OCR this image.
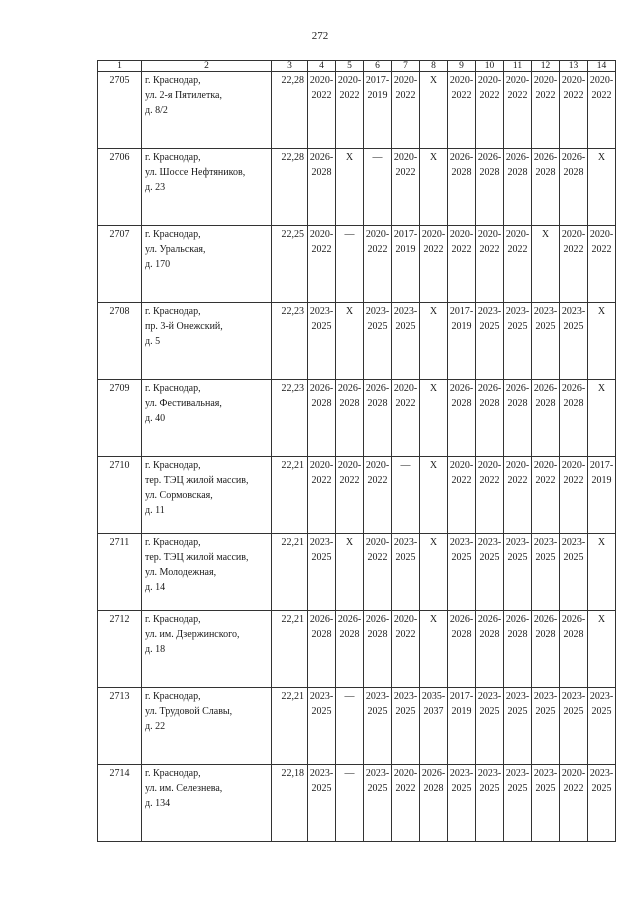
272
1	2	3	4	5	6	7	8	9	10	11	12	13	14
2705	г. Краснодар,
ул. 2-я Пятилетка,
д. 8/2	22,28	2020-
2022	2020-
2022	2017-
2019	2020-
2022	X	2020-
2022	2020-
2022	2020-
2022	2020-
2022	2020-
2022	2020-
2022

2706	г. Краснодар,
ул. Шоссе Нефтяников,
д. 23	22,28	2026-
2028	X	—	2020-
2022	X	2026-
2028	2026-
2028	2026-
2028	2026-
2028	2026-
2028	X
2707	г. Краснодар,
ул. Уральская,
д. 170	22,25	2020-
2022	—	2020-
2022	2017-
2019	2020-
2022	2020-
2022	2020-
2022	2020-
2022	X	2020-
2022	2020-
2022

2708	г. Краснодар,
пр. 3-й Онежский,
д. 5	22,23	2023-
2025	X	2023-
2025	2023-
2025	X	2017-
2019	2023-
2025	2023-
2025	2023-
2025	2023-
2025	X
2709	г. Краснодар,
ул. Фестивальная,
д. 40	22,23	2026-
2028	2026-
2028	2026-
2028	2020-
2022	X	2026-
2028	2026-
2028	2026-
2028	2026-
2028	2026-
2028	X
2710	г. Краснодар,
тер. ТЭЦ жилой массив,
ул. Сормовская,
д. 11	22,21	2020-
2022	2020-
2022	2020-
2022	—	X	2020-
2022	2020-
2022	2020-
2022	2020-
2022	2020-
2022	2017-
2019

2711	г. Краснодар,
тер. ТЭЦ жилой массив,
ул. Молодежная,
д. 14	22,21	2023-
2025	X	2020-
2022	2023-
2025	X	2023-
2025	2023-
2025	2023-
2025	2023-
2025	2023-
2025	X
2712	г. Краснодар,
ул. им. Дзержинского,
д. 18	22,21	2026-
2028	2026-
2028	2026-
2028	2020-
2022	X	2026-
2028	2026-
2028	2026-
2028	2026-
2028	2026-
2028	X
2713	г. Краснодар,
ул. Трудовой Славы,
д. 22	22,21	2023-
2025	—	2023-
2025	2023-
2025	2035-
2037	2017-
2019	2023-
2025	2023-
2025	2023-
2025	2023-
2025	2023-
2025

2714	г. Краснодар,
ул. им. Селезнева,
д. 134	22,18	2023-
2025	—	2023-
2025	2020-
2022	2026-
2028	2023-
2025	2023-
2025	2023-
2025	2023-
2025	2020-
2022	2023-
2025
